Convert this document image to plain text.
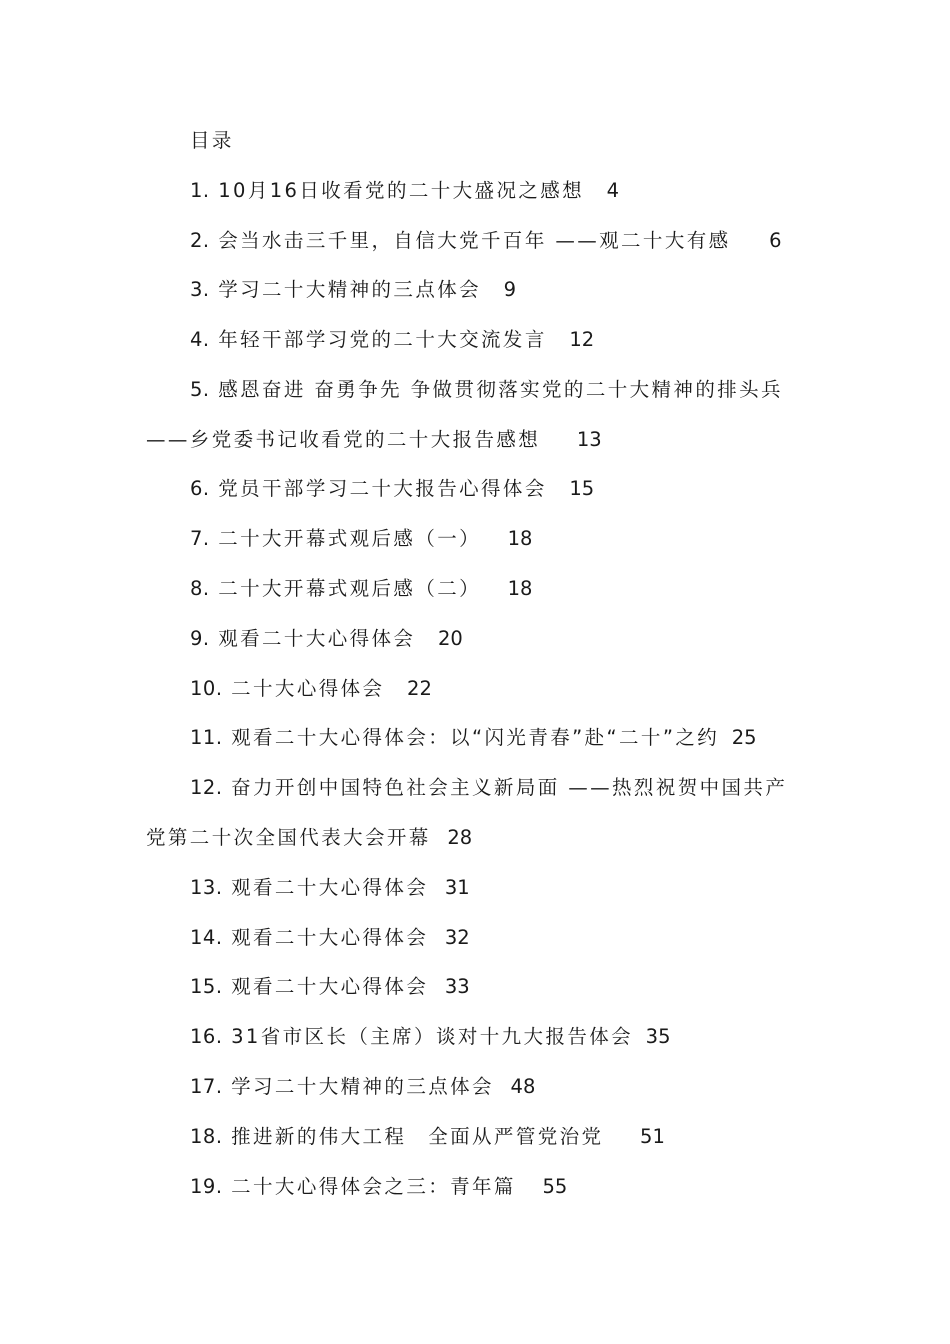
目录
1. 10月16日收看党的二十大盛况之感想 4
2. 会当水击三千里，自信大党千百年 ——观二十大有感 6
3. 学习二十大精神的三点体会 9
4. 年轻干部学习党的二十大交流发言 12
5. 感恩奋进 奋勇争先 争做贯彻落实党的二十大精神的排头兵
——乡党委书记收看党的二十大报告感想 13
6. 党员干部学习二十大报告心得体会 15
7. 二十大开幕式观后感（一） 18
8. 二十大开幕式观后感（二） 18
9. 观看二十大心得体会 20
10. 二十大心得体会 22
11. 观看二十大心得体会：以“闪光青春”赴“二十”之约 25
12. 奋力开创中国特色社会主义新局面 ——热烈祝贺中国共产
党第二十次全国代表大会开幕 28
13. 观看二十大心得体会 31
14. 观看二十大心得体会 32
15. 观看二十大心得体会 33
16. 31省市区长（主席）谈对十九大报告体会 35
17. 学习二十大精神的三点体会 48
18. 推进新的伟大工程　全面从严管党治党 51
19. 二十大心得体会之三：青年篇 55
